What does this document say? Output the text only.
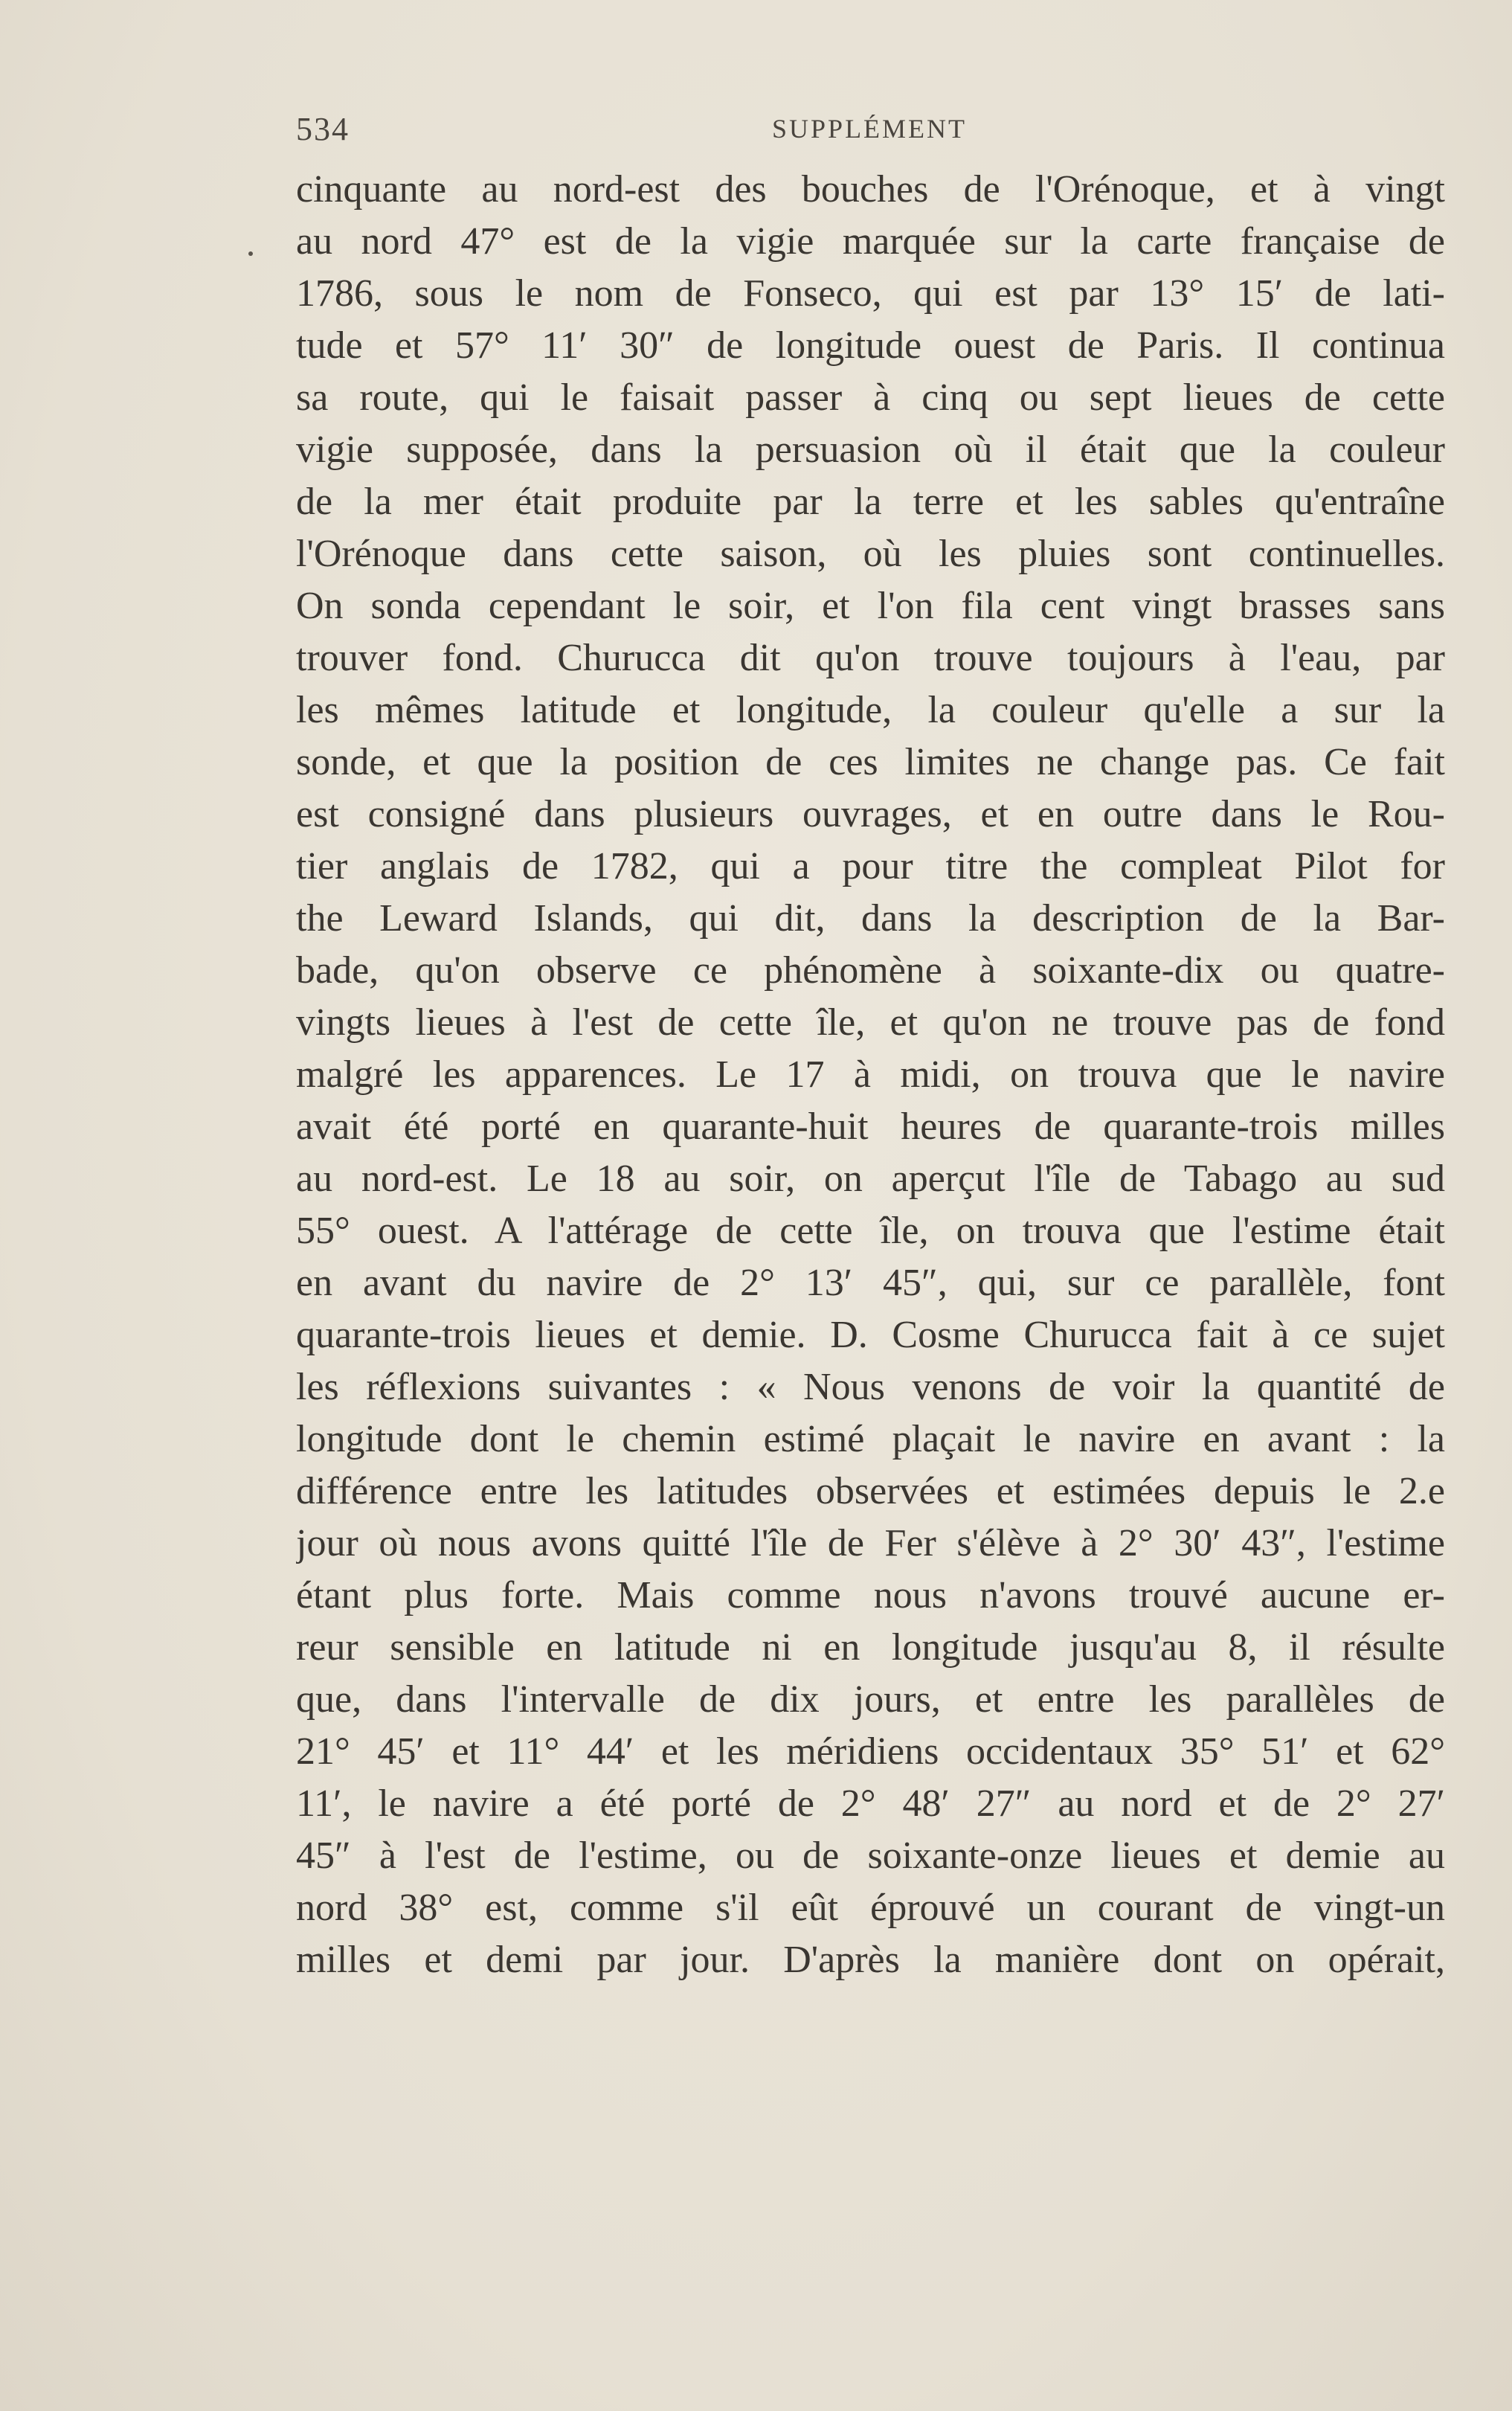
534	SUPPLÉMENT
cinquante au nord-est des bouches de l'Orénoque, et à vingt
au nord 47° est de la vigie marquée sur la carte française de
1786, sous le nom de Fonseco, qui est par 13° 15′ de lati-
tude et 57° 11′ 30″ de longitude ouest de Paris. Il continua
sa route, qui le faisait passer à cinq ou sept lieues de cette
vigie supposée, dans la persuasion où il était que la couleur
de la mer était produite par la terre et les sables qu'entraîne
l'Orénoque dans cette saison, où les pluies sont continuelles.
On sonda cependant le soir, et l'on fila cent vingt brasses sans
trouver fond. Churucca dit qu'on trouve toujours à l'eau, par
les mêmes latitude et longitude, la couleur qu'elle a sur la
sonde, et que la position de ces limites ne change pas. Ce fait
est consigné dans plusieurs ouvrages, et en outre dans le Rou-
tier anglais de 1782, qui a pour titre the compleat Pilot for
the Leward Islands, qui dit, dans la description de la Bar-
bade, qu'on observe ce phénomène à soixante-dix ou quatre-
vingts lieues à l'est de cette île, et qu'on ne trouve pas de fond
malgré les apparences. Le 17 à midi, on trouva que le navire
avait été porté en quarante-huit heures de quarante-trois milles
au nord-est. Le 18 au soir, on aperçut l'île de Tabago au sud
55° ouest. A l'attérage de cette île, on trouva que l'estime était
en avant du navire de 2° 13′ 45″, qui, sur ce parallèle, font
quarante-trois lieues et demie. D. Cosme Churucca fait à ce sujet
les réflexions suivantes : « Nous venons de voir la quantité de
longitude dont le chemin estimé plaçait le navire en avant : la
différence entre les latitudes observées et estimées depuis le 2.e
jour où nous avons quitté l'île de Fer s'élève à 2° 30′ 43″, l'estime
étant plus forte. Mais comme nous n'avons trouvé aucune er-
reur sensible en latitude ni en longitude jusqu'au 8, il résulte
que, dans l'intervalle de dix jours, et entre les parallèles de
21° 45′ et 11° 44′ et les méridiens occidentaux 35° 51′ et 62°
11′, le navire a été porté de 2° 48′ 27″ au nord et de 2° 27′
45″ à l'est de l'estime, ou de soixante-onze lieues et demie au
nord 38° est, comme s'il eût éprouvé un courant de vingt-un
milles et demi par jour. D'après la manière dont on opérait,
